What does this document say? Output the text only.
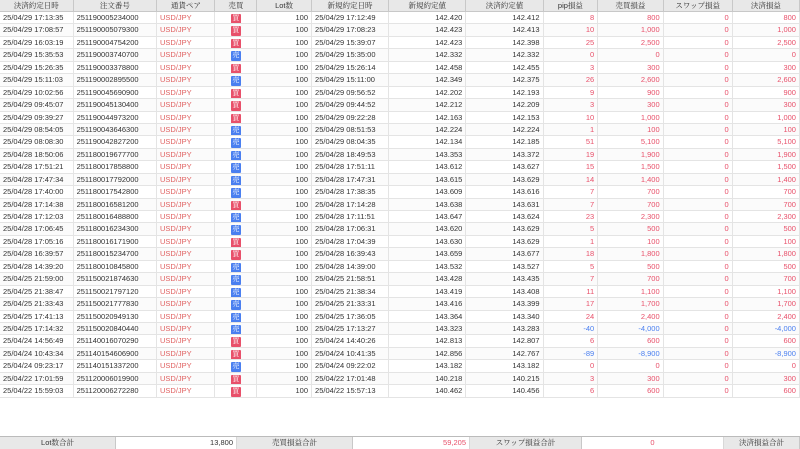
決済約定日時	注文番号	通貨ペア	売買	Lot数	新規約定日時	新規約定値	決済約定値	pip損益	売買損益	スワップ損益	決済損益
25/04/29 17:13:35	251190005234000	USD/JPY	買	100 25/04/29 17:12:49	142.420	142.412	8	800	0	800
25/04/29 17:08:57	251190005079300	USD/JPY	買	100 25/04/29 17:08:23	142.423	142.413	10	1,000	0	1,000
25/04/29 16:03:19	251190004754200	USD/JPY	買	100 25/04/29 15:39:07	142.423	142.398	25	2,500	0	2,500
25/04/29 15:35:53	251190003740700	USD/JPY	売	100 25/04/29 15:35:00	142.332	142.332	0	0	0	0
25/04/29 15:26:35	251190003378800	USD/JPY	買	100 25/04/29 15:26:14	142.458	142.455	3	300	0	300
25/04/29 15:11:03	251190002895500	USD/JPY	売	100 25/04/29 15:11:00	142.349	142.375	26	2,600	0	2,600
25/04/29 10:02:56	251190045690900	USD/JPY	買	100 25/04/29 09:56:52	142.202	142.193	9	900	0	900
25/04/29 09:45:07	251190045130400	USD/JPY	買	100 25/04/29 09:44:52	142.212	142.209	3	300	0	300
25/04/29 09:39:27	251190044973200	USD/JPY	買	100 25/04/29 09:22:28	142.163	142.153	10	1,000	0	1,000
25/04/29 08:54:05	251190043646300	USD/JPY	売	100 25/04/29 08:51:53	142.224	142.224	1	100	0	100
25/04/29 08:08:30	251190042827200	USD/JPY	売	100 25/04/29 08:04:35	142.134	142.185	51	5,100	0	5,100
25/04/28 18:50:06	251180019677700	USD/JPY	売	100 25/04/28 18:49:53	143.353	143.372	19	1,900	0	1,900
25/04/28 17:51:21	251180017858800	USD/JPY	売	100 25/04/28 17:51:11	143.612	143.627	15	1,500	0	1,500
25/04/28 17:47:34	251180017792000	USD/JPY	売	100 25/04/28 17:47:31	143.615	143.629	14	1,400	0	1,400
25/04/28 17:40:00	251180017542800	USD/JPY	売	100 25/04/28 17:38:35	143.609	143.616	7	700	0	700
25/04/28 17:14:38	251180016581200	USD/JPY	買	100 25/04/28 17:14:28	143.638	143.631	7	700	0	700
25/04/28 17:12:03	251180016488800	USD/JPY	売	100 25/04/28 17:11:51	143.647	143.624	23	2,300	0	2,300
25/04/28 17:06:45	251180016234300	USD/JPY	売	100 25/04/28 17:06:31	143.620	143.629	5	500	0	500
25/04/28 17:05:16	251180016171900	USD/JPY	買	100 25/04/28 17:04:39	143.630	143.629	1	100	0	100
25/04/28 16:39:57	251180015234700	USD/JPY	買	100 25/04/28 16:39:43	143.659	143.677	18	1,800	0	1,800
25/04/28 14:39:20	251180010845800	USD/JPY	売	100 25/04/28 14:39:00	143.532	143.527	5	500	0	500
25/04/25 21:59:00	251150021874630	USD/JPY	売	100 25/04/25 21:58:51	143.428	143.435	7	700	0	700
25/04/25 21:38:47	251150021797120	USD/JPY	売	100 25/04/25 21:38:34	143.419	143.408	11	1,100	0	1,100
25/04/25 21:33:43	251150021777830	USD/JPY	売	100 25/04/25 21:33:31	143.416	143.399	17	1,700	0	1,700
25/04/25 17:41:13	251150020949130	USD/JPY	売	100 25/04/25 17:36:05	143.364	143.340	24	2,400	0	2,400
25/04/25 17:14:32	251150020840440	USD/JPY	売	100 25/04/25 17:13:27	143.323	143.283	-40	-4,000	0	-4,000
25/04/24 14:56:49	251140016070290	USD/JPY	買	100 25/04/24 14:40:26	142.813	142.807	6	600	0	600
25/04/24 10:43:34	251140154606900	USD/JPY	買	100 25/04/24 10:41:35	142.856	142.767	-89	-8,900	0	-8,900
25/04/24 09:23:17	251140151337200	USD/JPY	売	100 25/04/24 09:22:02	143.182	143.182	0	0	0	0
25/04/22 17:01:59	251120006019900	USD/JPY	買	100 25/04/22 17:01:48	140.218	140.215	3	300	0	300
25/04/22 15:59:03	251120006272280	USD/JPY	買	100 25/04/22 15:57:13	140.462	140.456	6	600	0	600
Lot数合計	13,800	売買損益合計	59,205	スワップ損益合計	0	決済損益合計
